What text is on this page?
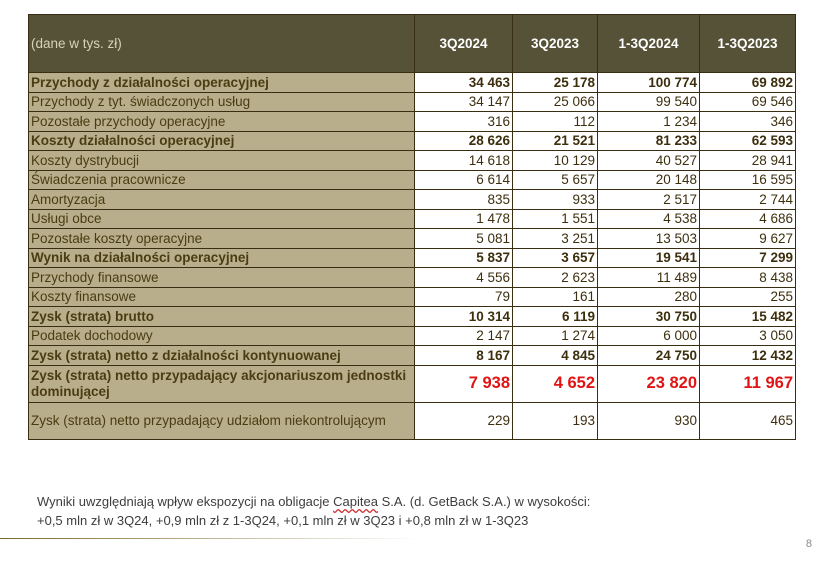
(dane w tys. zł)	3Q2024	3Q2023	1-3Q2024	1-3Q2023
Przychody z działalności operacyjnej	34 463	25 178	100 774	69 892
Przychody z tyt. świadczonych usług	34 147	25 066	99 540	69 546
Pozostałe przychody operacyjne	316	112	1 234	346
Koszty działalności operacyjnej	28 626	21 521	81 233	62 593
Koszty dystrybucji	14 618	10 129	40 527	28 941
Świadczenia pracownicze	6 614	5 657	20 148	16 595
Amortyzacja	835	933	2 517	2 744
Usługi obce	1 478	1 551	4 538	4 686
Pozostałe koszty operacyjne	5 081	3 251	13 503	9 627
Wynik na działalności operacyjnej	5 837	3 657	19 541	7 299
Przychody finansowe	4 556	2 623	11 489	8 438
Koszty finansowe	79	161	280	255
Zysk (strata) brutto	10 314	6 119	30 750	15 482
Podatek dochodowy	2 147	1 274	6 000	3 050
Zysk (strata) netto z działalności kontynuowanej	8 167	4 845	24 750	12 432
Zysk (strata) netto przypadający akcjonariuszom jednostki dominującej	7 938	4 652	23 820	11 967
Zysk (strata) netto przypadający udziałom niekontrolującym	229	193	930	465
Wyniki uwzględniają wpływ ekspozycji na obligacje Capitea S.A. (d. GetBack S.A.) w wysokości:
+0,5 mln zł w 3Q24, +0,9 mln zł z 1-3Q24, +0,1 mln zł w 3Q23 i +0,8 mln zł w 1-3Q23
8
